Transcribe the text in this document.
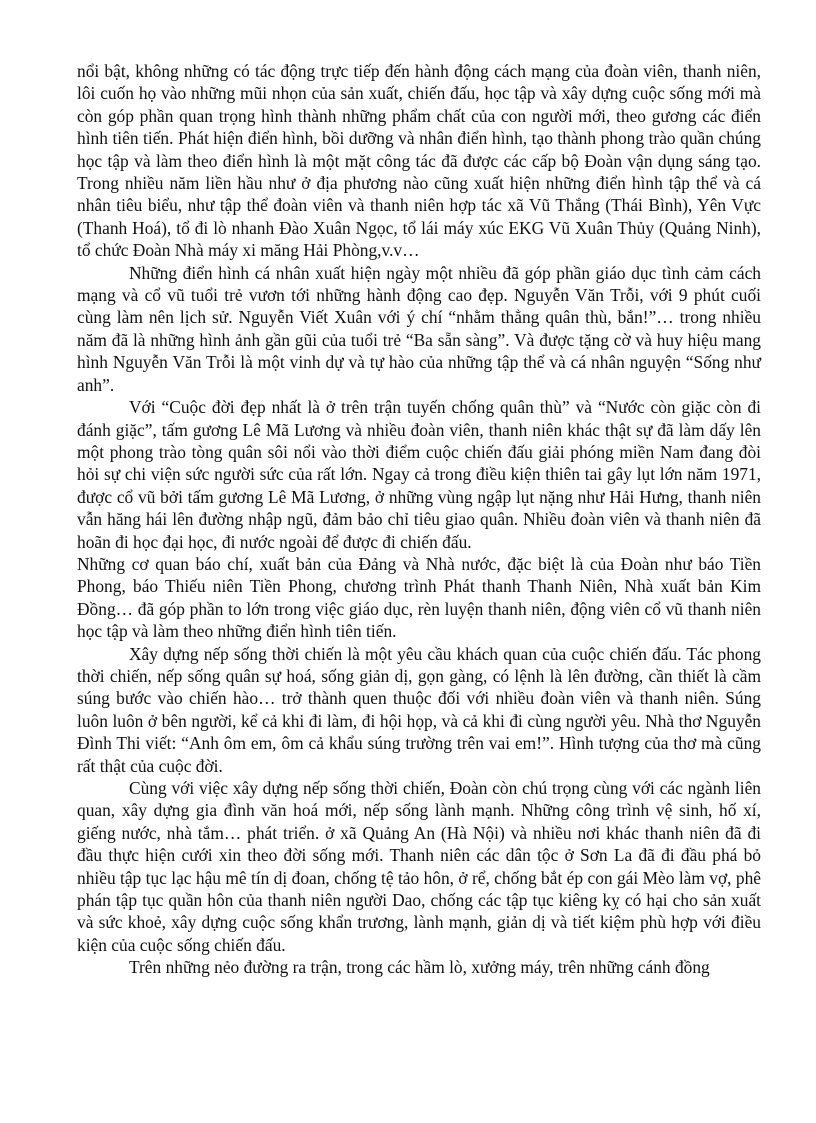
nổi bật, không những có tác động trực tiếp đến hành động cách mạng của đoàn viên, thanh niên, lôi cuốn họ vào những mũi nhọn của sản xuất, chiến đấu, học tập và xây dựng cuộc sống mới mà còn góp phần quan trọng hình thành những phẩm chất của con người mới, theo gương các điển hình tiên tiến. Phát hiện điển hình, bồi dưỡng và nhân điển hình, tạo thành phong trào quần chúng học tập và làm theo điển hình là một mặt công tác đã được các cấp bộ Đoàn vận dụng sáng tạo. Trong nhiều năm liền hầu như ở địa phương nào cũng xuất hiện những điển hình tập thể và cá nhân tiêu biểu, như tập thể đoàn viên và thanh niên hợp tác xã Vũ Thắng (Thái Bình), Yên Vực (Thanh Hoá), tổ đi lò nhanh Đào Xuân Ngọc, tổ lái máy xúc EKG Vũ Xuân Thủy (Quảng Ninh), tổ chức Đoàn Nhà máy xi măng Hải Phòng,v.v…

Những điển hình cá nhân xuất hiện ngày một nhiều đã góp phần giáo dục tình cảm cách mạng và cổ vũ tuổi trẻ vươn tới những hành động cao đẹp. Nguyễn Văn Trỗi, với 9 phút cuối cùng làm nên lịch sử. Nguyễn Viết Xuân với ý chí “nhằm thẳng quân thù, bắn!”… trong nhiều năm đã là những hình ảnh gần gũi của tuổi trẻ “Ba sẵn sàng”. Và được tặng cờ và huy hiệu mang hình Nguyễn Văn Trỗi là một vinh dự và tự hào của những tập thể và cá nhân nguyện “Sống như anh”.

Với “Cuộc đời đẹp nhất là ở trên trận tuyến chống quân thù” và “Nước còn giặc còn đi đánh giặc”, tấm gương Lê Mã Lương và nhiều đoàn viên, thanh niên khác thật sự đã làm dấy lên một phong trào tòng quân sôi nổi vào thời điểm cuộc chiến đấu giải phóng miền Nam đang đòi hỏi sự chi viện sức người sức của rất lớn. Ngay cả trong điều kiện thiên tai gây lụt lớn năm 1971, được cổ vũ bởi tấm gương Lê Mã Lương, ở những vùng ngập lụt nặng như Hải Hưng, thanh niên vẫn hăng hái lên đường nhập ngũ, đảm bảo chỉ tiêu giao quân. Nhiều đoàn viên và thanh niên đã hoãn đi học đại học, đi nước ngoài để được đi chiến đấu.

Những cơ quan báo chí, xuất bản của Đảng và Nhà nước, đặc biệt là của Đoàn như báo Tiền Phong, báo Thiếu niên Tiền Phong, chương trình Phát thanh Thanh Niên, Nhà xuất bản Kim Đồng… đã góp phần to lớn trong việc giáo dục, rèn luyện thanh niên, động viên cổ vũ thanh niên học tập và làm theo những điển hình tiên tiến.

Xây dựng nếp sống thời chiến là một yêu cầu khách quan của cuộc chiến đấu. Tác phong thời chiến, nếp sống quân sự hoá, sống giản dị, gọn gàng, có lệnh là lên đường, cần thiết là cầm súng bước vào chiến hào… trở thành quen thuộc đối với nhiều đoàn viên và thanh niên. Súng luôn luôn ở bên người, kể cả khi đi làm, đi hội họp, và cả khi đi cùng người yêu. Nhà thơ Nguyễn Đình Thi viết: “Anh ôm em, ôm cả khẩu súng trường trên vai em!”. Hình tượng của thơ mà cũng rất thật của cuộc đời.

Cùng với việc xây dựng nếp sống thời chiến, Đoàn còn chú trọng cùng với các ngành liên quan, xây dựng gia đình văn hoá mới, nếp sống lành mạnh. Những công trình vệ sinh, hố xí, giếng nước, nhà tắm… phát triển. ở xã Quảng An (Hà Nội) và nhiều nơi khác thanh niên đã đi đầu thực hiện cưới xin theo đời sống mới. Thanh niên các dân tộc ở Sơn La đã đi đầu phá bỏ nhiều tập tục lạc hậu mê tín dị đoan, chống tệ tảo hôn, ở rể, chống bắt ép con gái Mèo làm vợ, phê phán tập tục quần hôn của thanh niên người Dao, chống các tập tục kiêng kỵ có hại cho sản xuất và sức khoẻ, xây dựng cuộc sống khẩn trương, lành mạnh, giản dị và tiết kiệm phù hợp với điều kiện của cuộc sống chiến đấu.

Trên những nẻo đường ra trận, trong các hầm lò, xưởng máy, trên những cánh đồng
